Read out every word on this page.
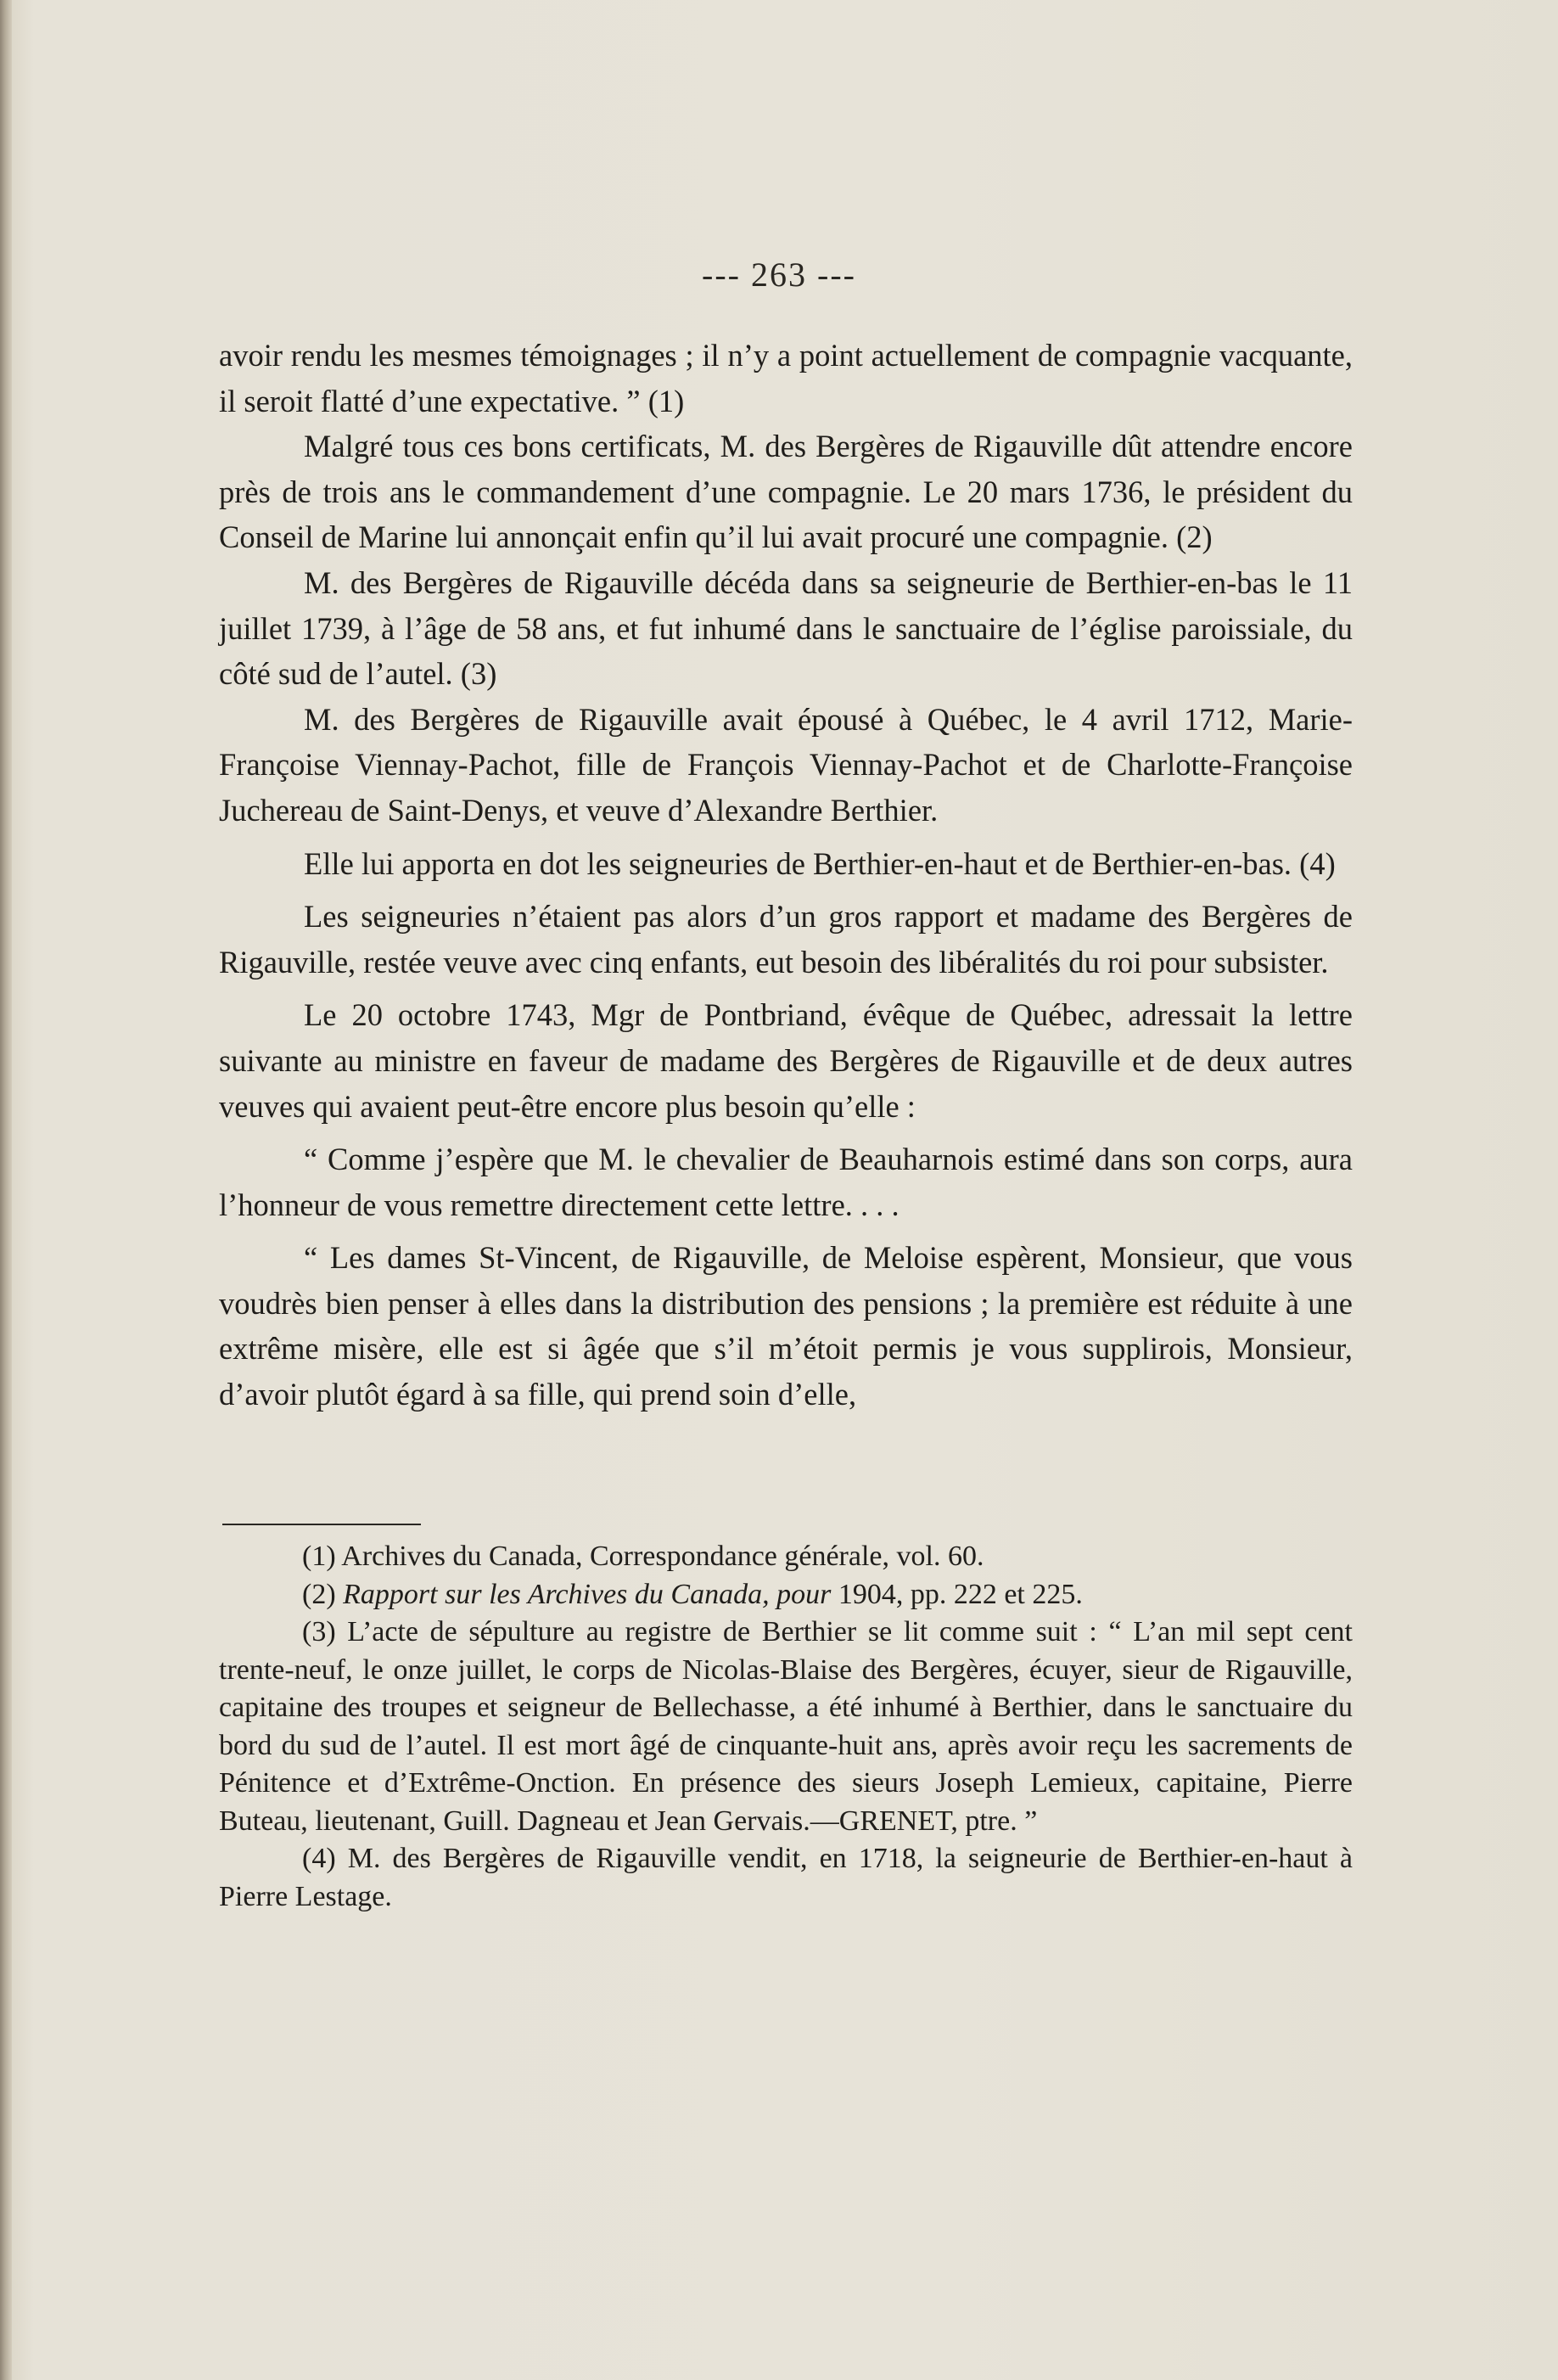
--- 263 ---

avoir rendu les mesmes témoignages ; il n’y a point actuellement de compagnie vacquante, il seroit flatté d’une expectative. ” (1)

Malgré tous ces bons certificats, M. des Bergères de Rigauville dût attendre encore près de trois ans le commandement d’une compagnie. Le 20 mars 1736, le président du Conseil de Marine lui annonçait enfin qu’il lui avait procuré une compagnie. (2)

M. des Bergères de Rigauville décéda dans sa seigneurie de Berthier-en-bas le 11 juillet 1739, à l’âge de 58 ans, et fut inhumé dans le sanctuaire de l’église paroissiale, du côté sud de l’autel. (3)

M. des Bergères de Rigauville avait épousé à Québec, le 4 avril 1712, Marie-Françoise Viennay-Pachot, fille de François Viennay-Pachot et de Charlotte-Françoise Juchereau de Saint-Denys, et veuve d’Alexandre Berthier.

Elle lui apporta en dot les seigneuries de Berthier-en-haut et de Berthier-en-bas. (4)

Les seigneuries n’étaient pas alors d’un gros rapport et madame des Bergères de Rigauville, restée veuve avec cinq enfants, eut besoin des libéralités du roi pour subsister.

Le 20 octobre 1743, Mgr de Pontbriand, évêque de Québec, adressait la lettre suivante au ministre en faveur de madame des Bergères de Rigauville et de deux autres veuves qui avaient peut-être encore plus besoin qu’elle :

“ Comme j’espère que M. le chevalier de Beauharnois estimé dans son corps, aura l’honneur de vous remettre directement cette lettre. . . .

“ Les dames St-Vincent, de Rigauville, de Meloise espèrent, Monsieur, que vous voudrès bien penser à elles dans la distribution des pensions ; la première est réduite à une extrême misère, elle est si âgée que s’il m’étoit permis je vous supplirois, Monsieur, d’avoir plutôt égard à sa fille, qui prend soin d’elle,

(1) Archives du Canada, Correspondance générale, vol. 60.

(2) Rapport sur les Archives du Canada, pour 1904, pp. 222 et 225.

(3) L’acte de sépulture au registre de Berthier se lit comme suit : “ L’an mil sept cent trente-neuf, le onze juillet, le corps de Nicolas-Blaise des Bergères, écuyer, sieur de Rigauville, capitaine des troupes et seigneur de Bellechasse, a été inhumé à Berthier, dans le sanctuaire du bord du sud de l’autel. Il est mort âgé de cinquante-huit ans, après avoir reçu les sacrements de Pénitence et d’Extrême-Onction. En présence des sieurs Joseph Lemieux, capitaine, Pierre Buteau, lieutenant, Guill. Dagneau et Jean Gervais.—GRENET, ptre. ”

(4) M. des Bergères de Rigauville vendit, en 1718, la seigneurie de Berthier-en-haut à Pierre Lestage.
